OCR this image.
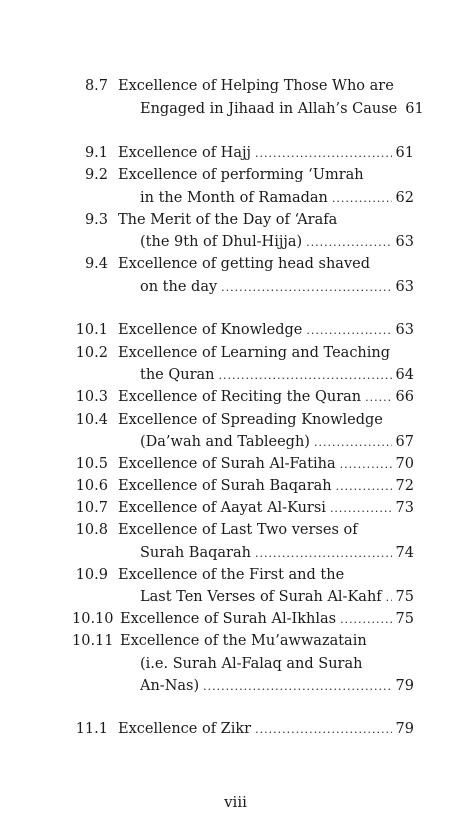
8.7 Excellence of Helping Those Who are
Engaged in Jihaad in Allah’s Cause 61
9.1 Excellence of Hajj .....	61
9.2 Excellence of performing ‘Umrah
in the Month of Ramadan .....	62
9.3 The Merit of the Day of ‘Arafa
(the 9th of Dhul-Hijja) .....	63
9.4 Excellence of getting head shaved
on the day .....	63
10.1 Excellence of Knowledge .....	63
10.2 Excellence of Learning and Teaching
the Quran .....	64
10.3 Excellence of Reciting the Quran ..... 66
10.4 Excellence of Spreading Knowledge
(Da’wah and Tableegh) .....	67
10.5 Excellence of Surah Al-Fatiha .....	70
10.6 Excellence of Surah Baqarah .....	72
10.7 Excellence of Aayat Al-Kursi .....	73
10.8 Excellence of Last Two verses of
Surah Baqarah .....	74
10.9 Excellence of the First and the
Last Ten Verses of Surah Al-Kahf ..... 75
10.10 Excellence of Surah Al-Ikhlas .....	75
10.11 Excellence of the Mu’awwazatain
(i.e. Surah Al-Falaq and Surah
An-Nas) .....	79
11.1 Excellence of Zikr .....	79
viii
